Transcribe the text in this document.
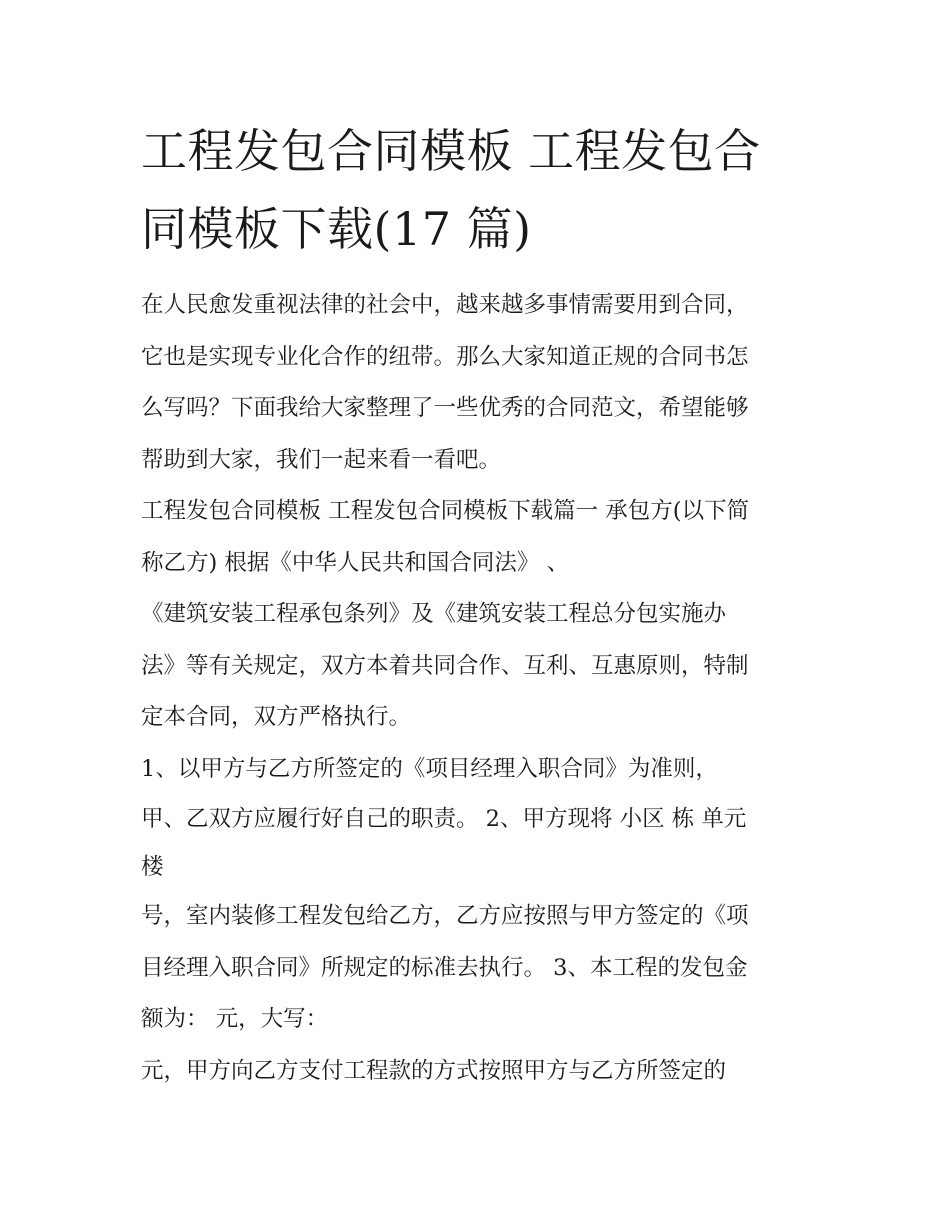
工程发包合同模板 工程发包合
同模板下载(17 篇)
在人民愈发重视法律的社会中，越来越多事情需要用到合同，
它也是实现专业化合作的纽带。那么大家知道正规的合同书怎
么写吗？下面我给大家整理了一些优秀的合同范文，希望能够
帮助到大家，我们一起来看一看吧。
工程发包合同模板 工程发包合同模板下载篇一 承包方(以下简
称乙方) 根据《中华人民共和国合同法》 、
《建筑安装工程承包条列》及《建筑安装工程总分包实施办
法》等有关规定，双方本着共同合作、互利、互惠原则，特制
定本合同，双方严格执行。
1、以甲方与乙方所签定的《项目经理入职合同》为准则，
甲、乙双方应履行好自己的职责。 2、甲方现将 小区 栋 单元
楼
号，室内装修工程发包给乙方，乙方应按照与甲方签定的《项
目经理入职合同》所规定的标准去执行。 3、本工程的发包金
额为： 元，大写：
元，甲方向乙方支付工程款的方式按照甲方与乙方所签定的
